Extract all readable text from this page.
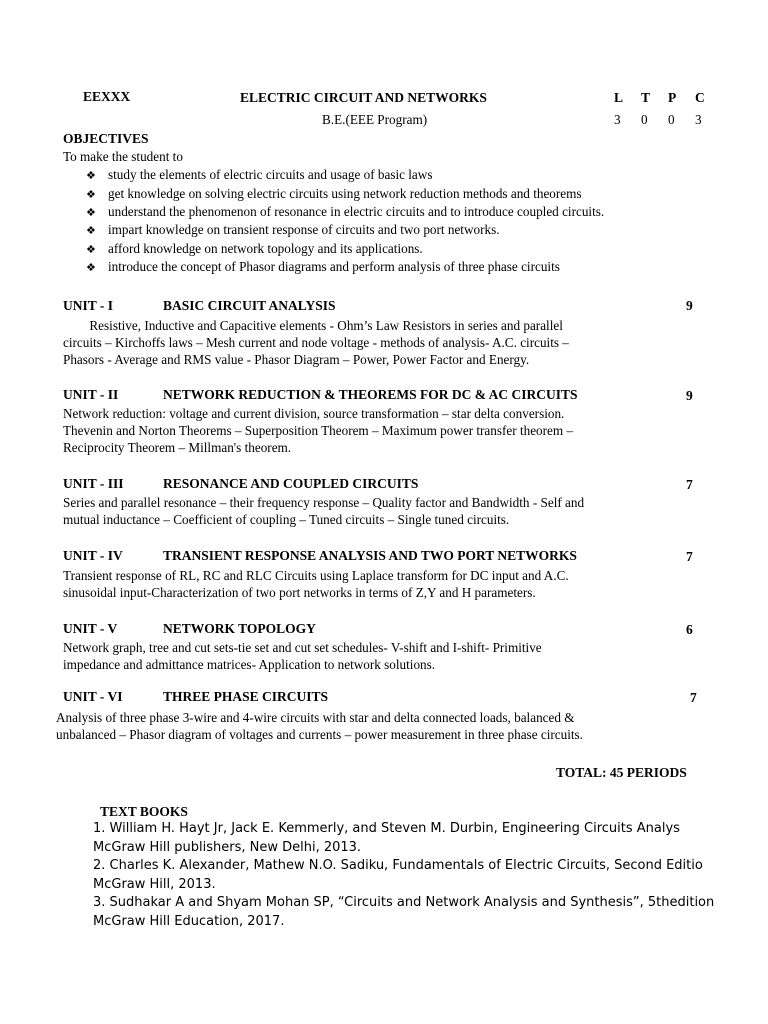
EEXXX	ELECTRIC CIRCUIT AND NETWORKS	L T P C
B.E.(EEE Program)	3 0 0 3
OBJECTIVES
To make the student to
❖ study the elements of electric circuits and usage of basic laws
❖ get knowledge on solving electric circuits using network reduction methods and theorems
❖ understand the phenomenon of resonance in electric circuits and to introduce coupled circuits.
❖ impart knowledge on transient response of circuits and two port networks.
❖ afford knowledge on network topology and its applications.
❖ introduce the concept of Phasor diagrams and perform analysis of three phase circuits
UNIT - I	BASIC CIRCUIT ANALYSIS	9
Resistive, Inductive and Capacitive elements - Ohm’s Law Resistors in series and parallel
circuits – Kirchoffs laws – Mesh current and node voltage - methods of analysis- A.C. circuits –
Phasors - Average and RMS value - Phasor Diagram – Power, Power Factor and Energy.
UNIT - II	NETWORK REDUCTION & THEOREMS FOR DC & AC CIRCUITS	9
Network reduction: voltage and current division, source transformation – star delta conversion.
Thevenin and Norton Theorems – Superposition Theorem – Maximum power transfer theorem –
Reciprocity Theorem – Millman's theorem.
UNIT - III	RESONANCE AND COUPLED CIRCUITS	7
Series and parallel resonance – their frequency response – Quality factor and Bandwidth - Self and
mutual inductance – Coefficient of coupling – Tuned circuits – Single tuned circuits.
UNIT - IV	TRANSIENT RESPONSE ANALYSIS AND TWO PORT NETWORKS	7
Transient response of RL, RC and RLC Circuits using Laplace transform for DC input and A.C.
sinusoidal input-Characterization of two port networks in terms of Z,Y and H parameters.
UNIT - V	NETWORK TOPOLOGY	6
Network graph, tree and cut sets-tie set and cut set schedules- V-shift and I-shift- Primitive
impedance and admittance matrices- Application to network solutions.
UNIT - VI	THREE PHASE CIRCUITS	7
Analysis of three phase 3-wire and 4-wire circuits with star and delta connected loads, balanced &
unbalanced – Phasor diagram of voltages and currents – power measurement in three phase circuits.
TOTAL: 45 PERIODS
TEXT BOOKS
1. William H. Hayt Jr, Jack E. Kemmerly, and Steven M. Durbin, Engineering Circuits Analys
McGraw Hill publishers, New Delhi, 2013.
2. Charles K. Alexander, Mathew N.O. Sadiku, Fundamentals of Electric Circuits, Second Editio
McGraw Hill, 2013.
3. Sudhakar A and Shyam Mohan SP, “Circuits and Network Analysis and Synthesis”, 5thedition
McGraw Hill Education, 2017.
